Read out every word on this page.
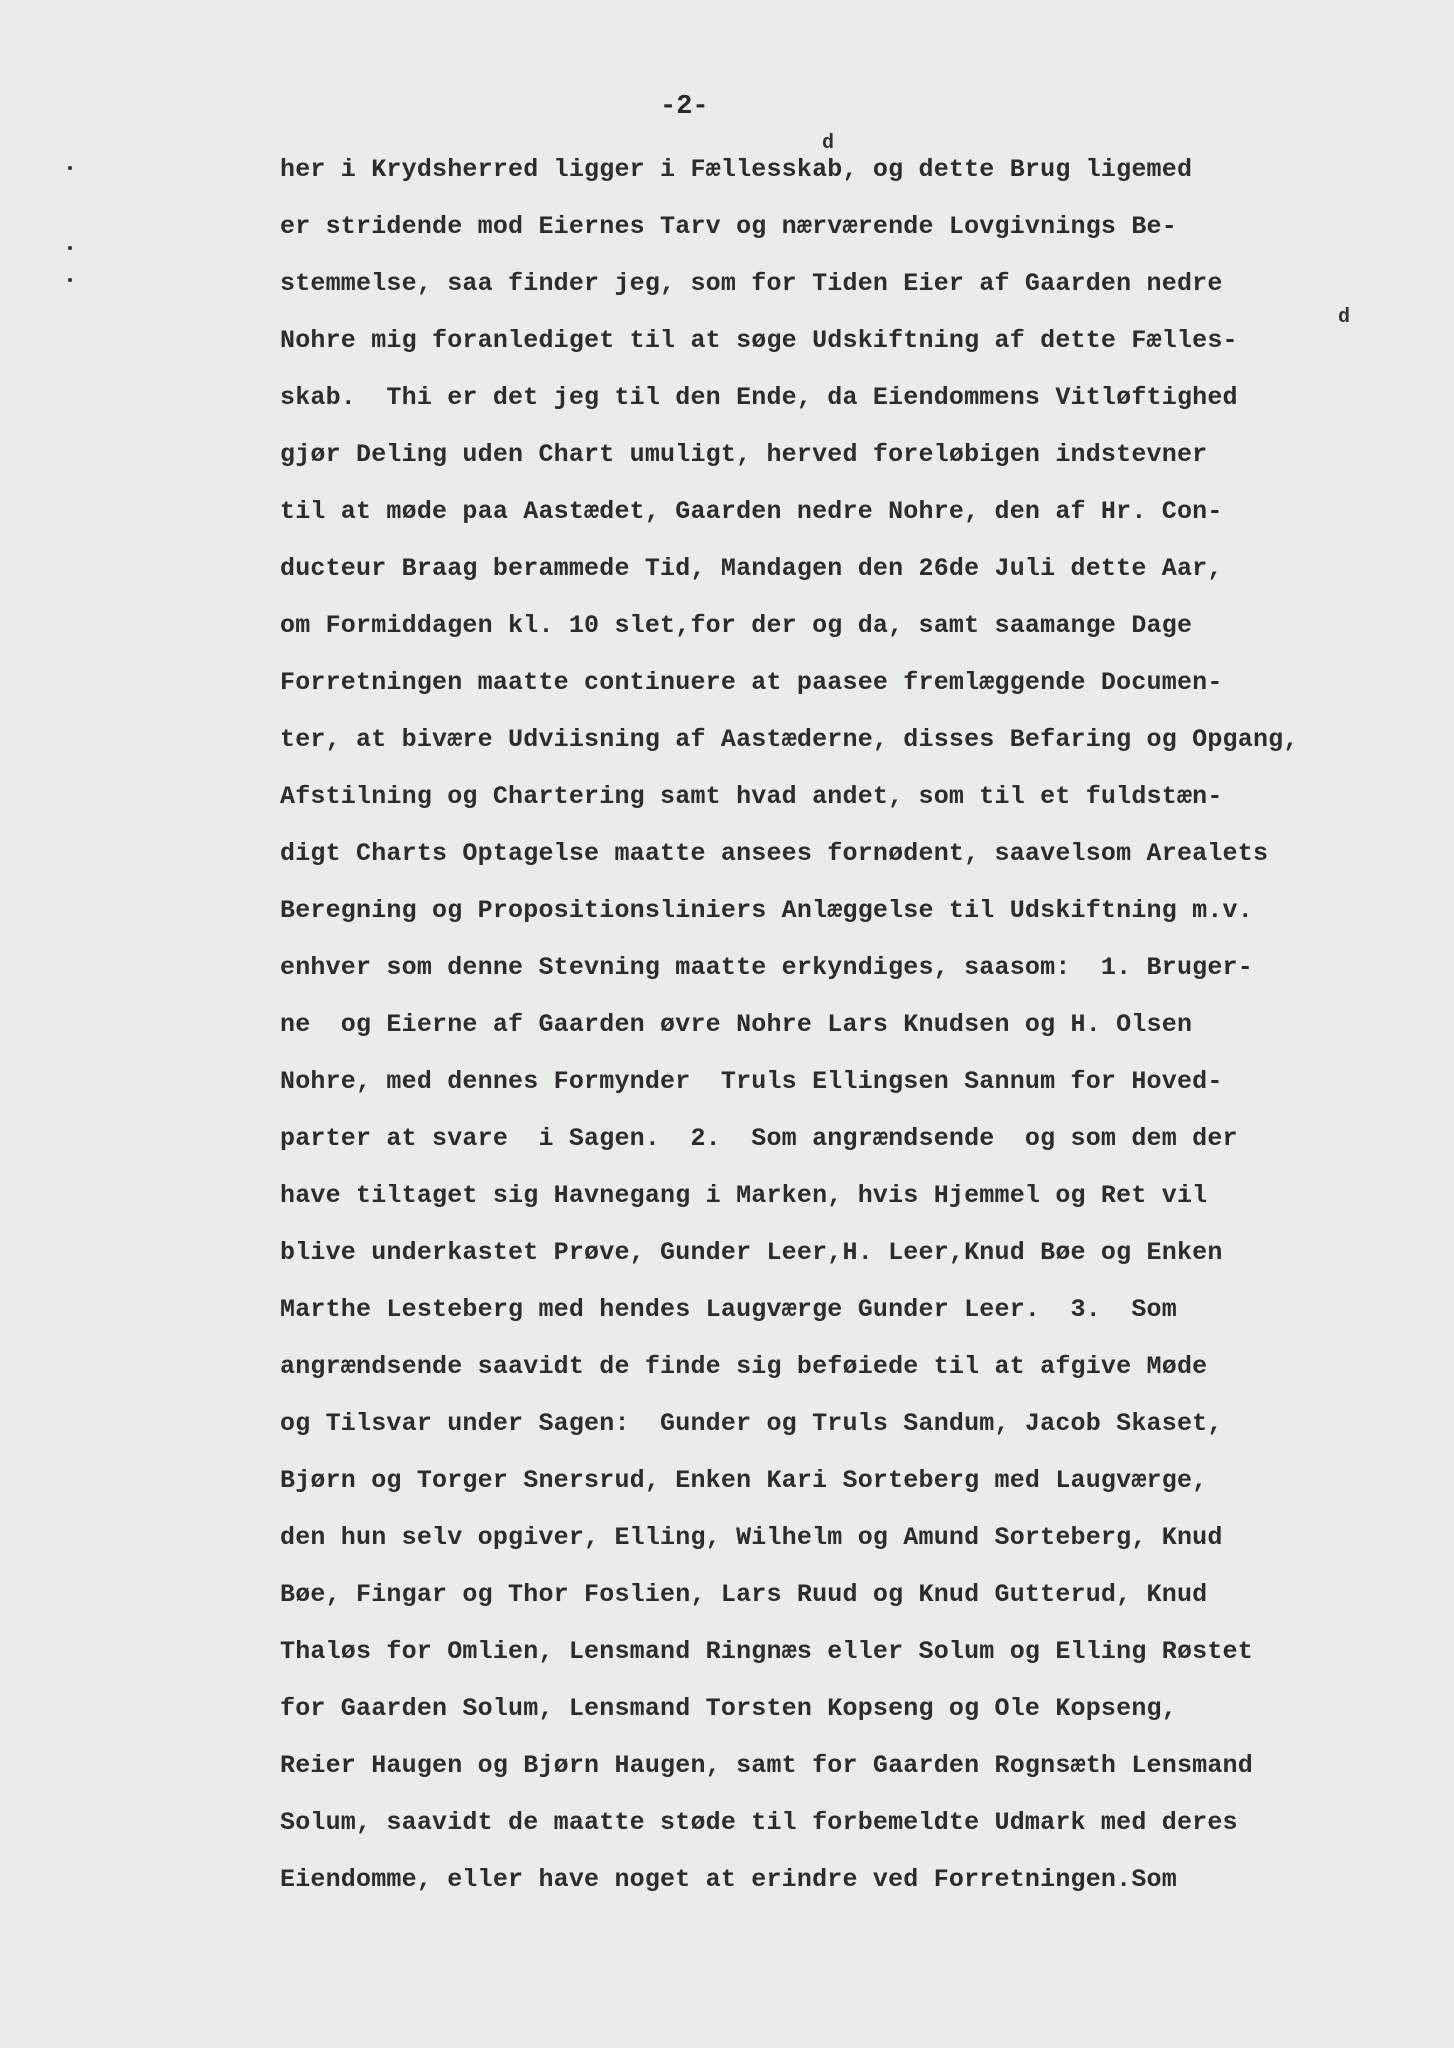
-2-
d
d
her i Krydsherred ligger i Fællesskab, og dette Brug ligemed
er stridende mod Eiernes Tarv og nærværende Lovgivnings Be-
stemmelse, saa finder jeg, som for Tiden Eier af Gaarden nedre
Nohre mig foranlediget til at søge Udskiftning af dette Fælles-
skab.  Thi er det jeg til den Ende, da Eiendommens Vitløftighed
gjør Deling uden Chart umuligt, herved foreløbigen indstevner
til at møde paa Aastædet, Gaarden nedre Nohre, den af Hr. Con-
ducteur Braag berammede Tid, Mandagen den 26de Juli dette Aar,
om Formiddagen kl. 10 slet,for der og da, samt saamange Dage
Forretningen maatte continuere at paasee fremlæggende Documen-
ter, at bivære Udviisning af Aastæderne, disses Befaring og Opgang,
Afstilning og Chartering samt hvad andet, som til et fuldstæn-
digt Charts Optagelse maatte ansees fornødent, saavelsom Arealets
Beregning og Propositionsliniers Anlæggelse til Udskiftning m.v.
enhver som denne Stevning maatte erkyndiges, saasom:  1. Bruger-
ne  og Eierne af Gaarden øvre Nohre Lars Knudsen og H. Olsen
Nohre, med dennes Formynder  Truls Ellingsen Sannum for Hoved-
parter at svare  i Sagen.  2.  Som angrændsende  og som dem der
have tiltaget sig Havnegang i Marken, hvis Hjemmel og Ret vil
blive underkastet Prøve, Gunder Leer,H. Leer,Knud Bøe og Enken
Marthe Lesteberg med hendes Laugværge Gunder Leer.  3.  Som
angrændsende saavidt de finde sig beføiede til at afgive Møde
og Tilsvar under Sagen:  Gunder og Truls Sandum, Jacob Skaset,
Bjørn og Torger Snersrud, Enken Kari Sorteberg med Laugværge,
den hun selv opgiver, Elling, Wilhelm og Amund Sorteberg, Knud
Bøe, Fingar og Thor Foslien, Lars Ruud og Knud Gutterud, Knud
Thaløs for Omlien, Lensmand Ringnæs eller Solum og Elling Røstet
for Gaarden Solum, Lensmand Torsten Kopseng og Ole Kopseng,
Reier Haugen og Bjørn Haugen, samt for Gaarden Rognsæth Lensmand
Solum, saavidt de maatte støde til forbemeldte Udmark med deres
Eiendomme, eller have noget at erindre ved Forretningen.Som
